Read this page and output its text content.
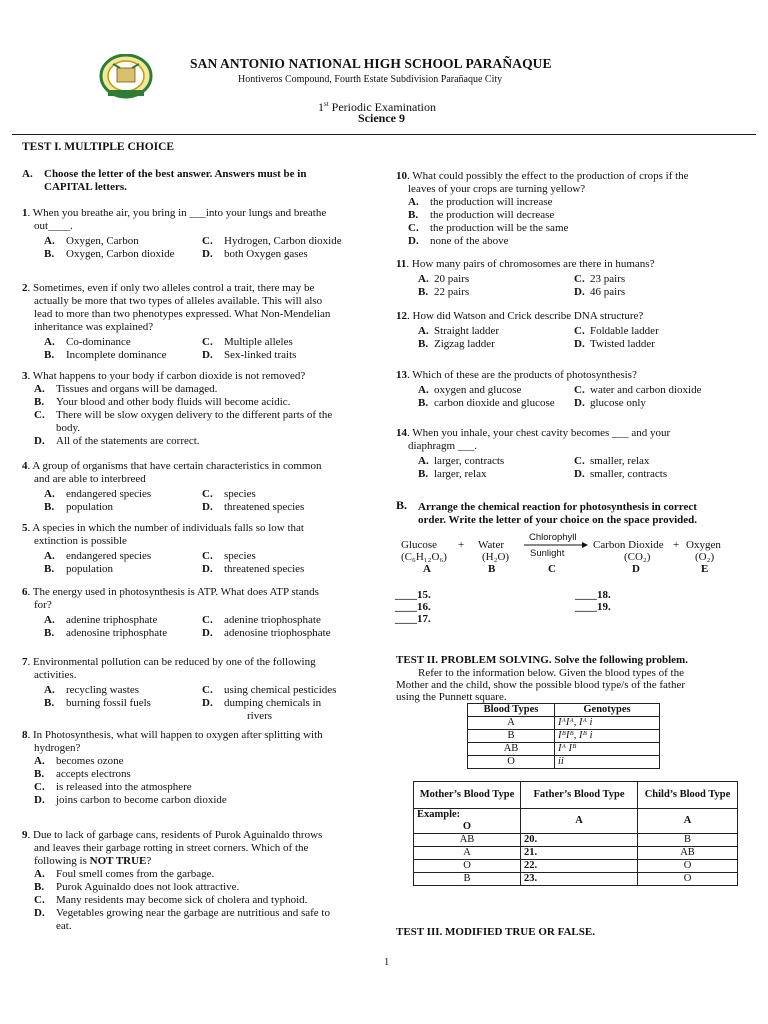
SAN ANTONIO NATIONAL HIGH SCHOOL PARAÑAQUE
Hontiveros Compound, Fourth Estate Subdivision Parañaque City
1st Periodic Examination
Science 9
TEST I. MULTIPLE CHOICE
A. Choose the letter of the best answer. Answers must be in
CAPITAL letters.
1. When you breathe air, you bring in ___into your lungs and breathe
out____.
A. Oxygen, Carbon	C. Hydrogen, Carbon dioxide
B. Oxygen, Carbon dioxide	D. both Oxygen gases
2. Sometimes, even if only two alleles control a trait, there may be
actually be more that two types of alleles available. This will also
lead to more than two phenotypes expressed. What Non-Mendelian
inheritance was explained?
A. Co-dominance	C. Multiple alleles
B. Incomplete dominance	D. Sex-linked traits
3. What happens to your body if carbon dioxide is not removed?
A. Tissues and organs will be damaged.
B. Your blood and other body fluids will become acidic.
C. There will be slow oxygen delivery to the different parts of the
body.
D. All of the statements are correct.
4. A group of organisms that have certain characteristics in common
and are able to interbreed
A. endangered species	C. species
B. population	D. threatened species
5. A species in which the number of individuals falls so low that
extinction is possible
A. endangered species	C. species
B. population	D. threatened species
6. The energy used in photosynthesis is ATP. What does ATP stands
for?
A. adenine triphosphate	C. adenine triophosphate
B. adenosine triphosphate	D. adenosine triophosphate
7. Environmental pollution can be reduced by one of the following
activities.
A. recycling wastes	C. using chemical pesticides
B. burning fossil fuels	D. dumping chemicals in
rivers
8. In Photosynthesis, what will happen to oxygen after splitting with
hydrogen?
A. becomes ozone
B. accepts electrons
C. is released into the atmosphere
D. joins carbon to become carbon dioxide
9. Due to lack of garbage cans, residents of Purok Aguinaldo throws
and leaves their garbage rotting in street corners. Which of the
following is NOT TRUE?
A. Foul smell comes from the garbage.
B. Purok Aguinaldo does not look attractive.
C. Many residents may become sick of cholera and typhoid.
D. Vegetables growing near the garbage are nutritious and safe to
eat.
10. What could possibly the effect to the production of crops if the
leaves of your crops are turning yellow?
A. the production will increase
B. the production will decrease
C. the production will be the same
D. none of the above
11. How many pairs of chromosomes are there in humans?
A. 20 pairs	C. 23 pairs
B. 22 pairs	D. 46 pairs
12. How did Watson and Crick describe DNA structure?
A. Straight ladder	C. Foldable ladder
B. Zigzag ladder	D. Twisted ladder
13. Which of these are the products of photosynthesis?
A. oxygen and glucose	C. water and carbon dioxide
B. carbon dioxide and glucose D. glucose only
14. When you inhale, your chest cavity becomes ___ and your
diaphragm ___.
A. larger, contracts	C. smaller, relax
B. larger, relax	D. smaller, contracts
B. Arrange the chemical reaction for photosynthesis in correct
order. Write the letter of your choice on the space provided.
Glucose + Water
Chlorophyll
Sunlight
Carbon Dioxide + Oxygen
(C₆H₁₂O₆)	(H₂O)	(CO₂)	(O₂)
A	B	C	D	E
____15.
____16.
____17.
____18.
____19.
TEST II. PROBLEM SOLVING. Solve the following problem.
Refer to the information below. Given the blood types of the
Mother and the child, show the possible blood type/s of the father
using the Punnett square.
Blood Types	Genotypes
A	IᴬIᴬ, Iᴬ i
B	IᴮIᴮ, Iᴮ i
AB	Iᴬ Iᴮ
O	ii
Mother’s Blood Type	Father’s Blood Type	Child’s Blood Type

Example:
O	A	A
AB	20.	B
A	21.	AB
O	22.	O
B	23.	O
TEST III. MODIFIED TRUE OR FALSE.
1
